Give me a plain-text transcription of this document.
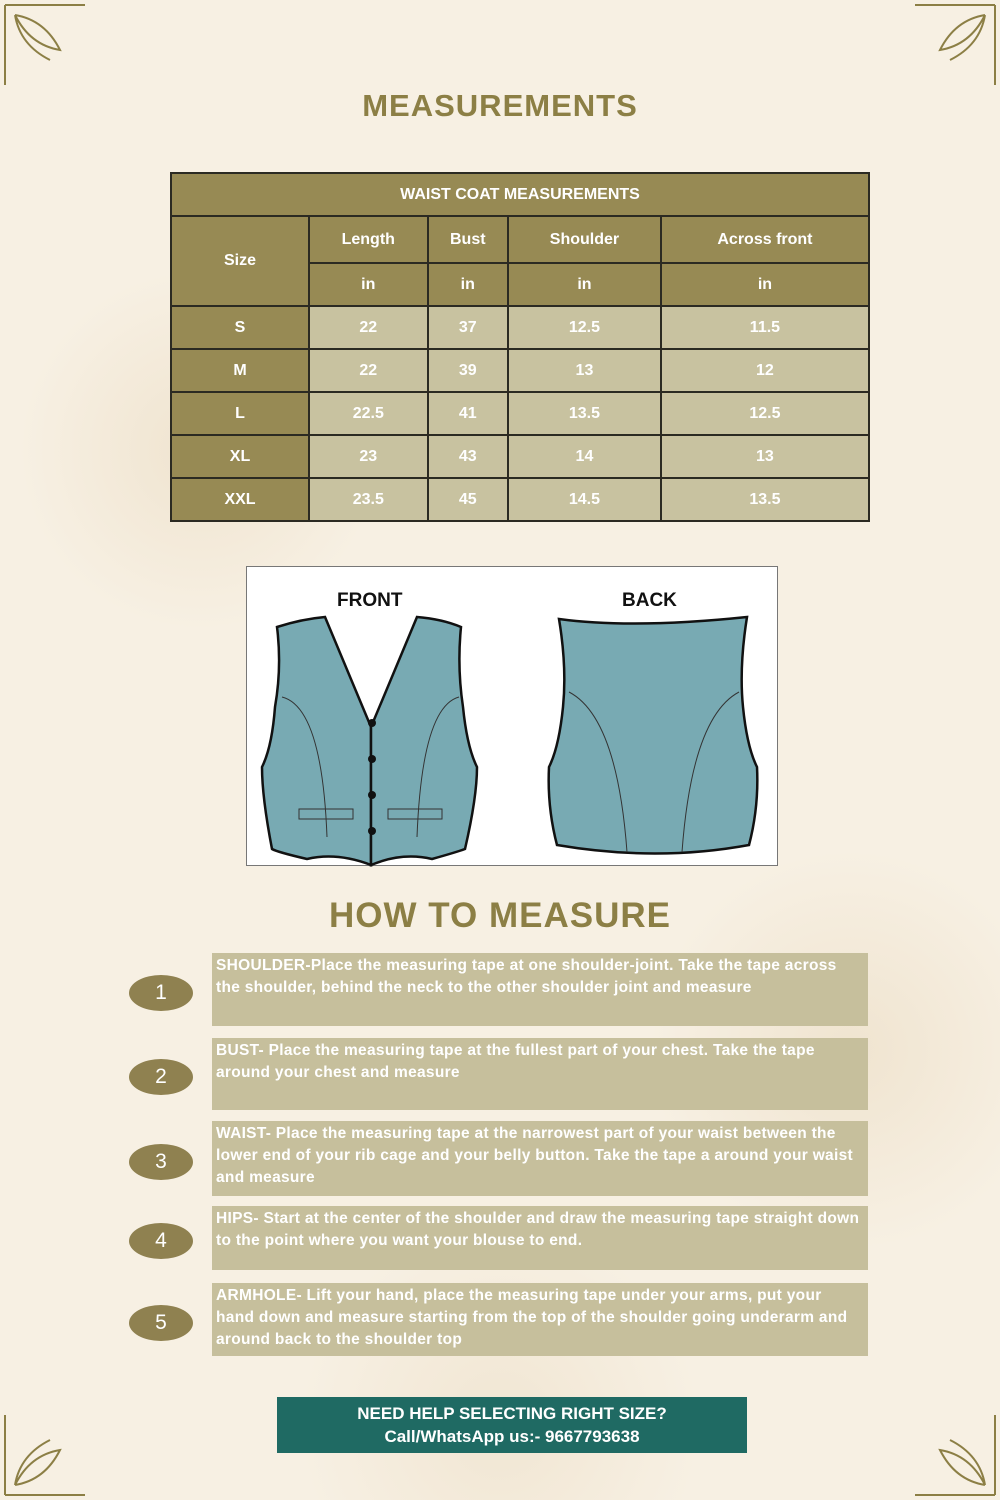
MEASUREMENTS
WAIST COAT MEASUREMENTS				
Size	Length	Bust	Shoulder	Across front
	in	in	in	in
S	22	37	12.5	11.5
M	22	39	13	12
L	22.5	41	13.5	12.5
XL	23	43	14	13
XXL	23.5	45	14.5	13.5
FRONT	BACK
HOW TO MEASURE
1
SHOULDER-Place the measuring tape at one shoulder-joint. Take the tape across the shoulder, behind the neck to the other shoulder joint and measure
2
BUST- Place the measuring tape at the fullest part of your chest. Take the tape around your chest and measure
3
WAIST- Place the measuring tape at the narrowest part of your waist between the lower end of your rib cage and your belly button. Take the tape a around your waist and measure
4
HIPS- Start at the center of the shoulder and draw the measuring tape straight down to the point where you want your blouse to end.
5
ARMHOLE- Lift your hand, place the measuring tape under your arms, put your hand down and measure starting from the top of the shoulder going underarm and around back to the shoulder top
NEED HELP SELECTING RIGHT SIZE?
Call/WhatsApp us:- 9667793638
